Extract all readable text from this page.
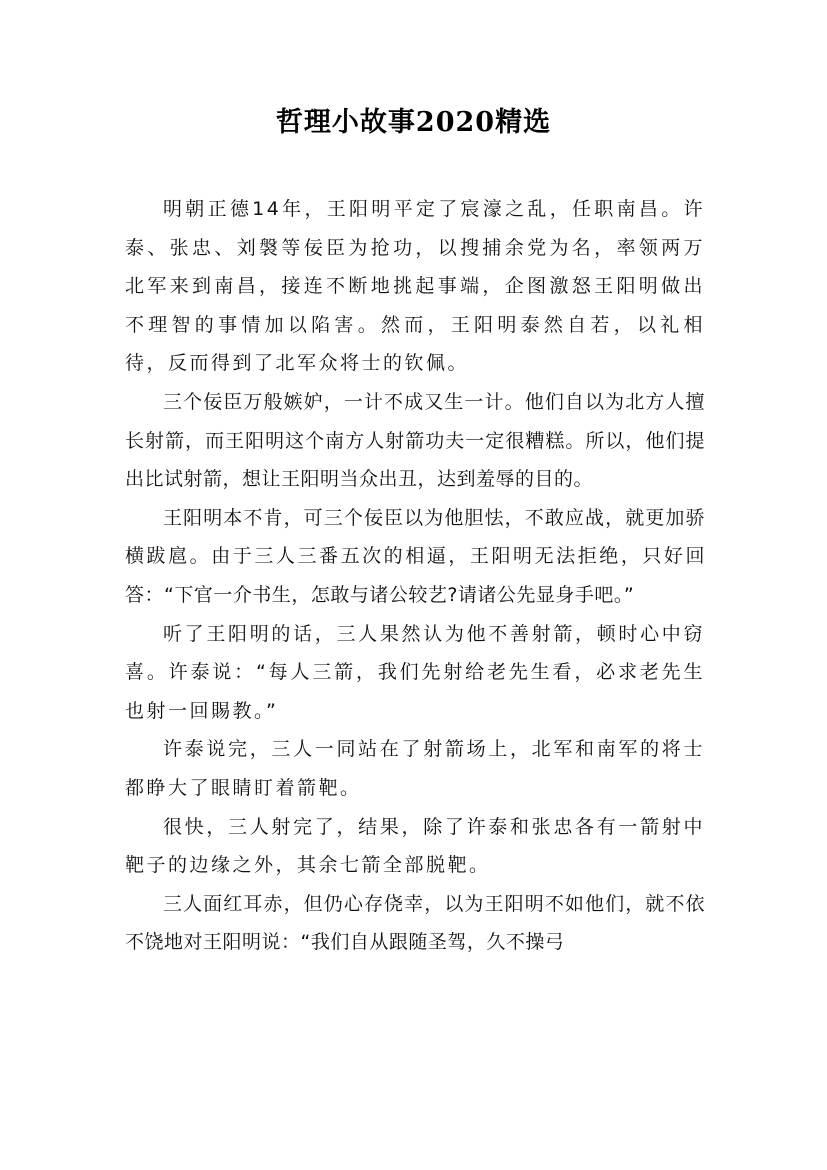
哲理小故事2020精选

明朝正德14年，王阳明平定了宸濠之乱，任职南昌。许泰、张忠、刘褩等佞臣为抢功，以搜捕余党为名，率领两万北军来到南昌，接连不断地挑起事端，企图激怒王阳明做出不理智的事情加以陷害。然而，王阳明泰然自若，以礼相待，反而得到了北军众将士的钦佩。

三个佞臣万般嫉妒，一计不成又生一计。他们自以为北方人擅长射箭，而王阳明这个南方人射箭功夫一定很糟糕。所以，他们提出比试射箭，想让王阳明当众出丑，达到羞辱的目的。

王阳明本不肯，可三个佞臣以为他胆怯，不敢应战，就更加骄横跋扈。由于三人三番五次的相逼，王阳明无法拒绝，只好回答：“下官一介书生，怎敢与诸公较艺?请诸公先显身手吧。”

听了王阳明的话，三人果然认为他不善射箭，顿时心中窃喜。许泰说：“每人三箭，我们先射给老先生看，必求老先生也射一回賜教。”

许泰说完，三人一同站在了射箭场上，北军和南军的将士都睁大了眼睛盯着箭靶。

很快，三人射完了，结果，除了许泰和张忠各有一箭射中靶子的边缘之外，其余七箭全部脱靶。

三人面红耳赤，但仍心存侥幸，以为王阳明不如他们，就不依不饶地对王阳明说：“我们自从跟随圣驾，久不操弓
